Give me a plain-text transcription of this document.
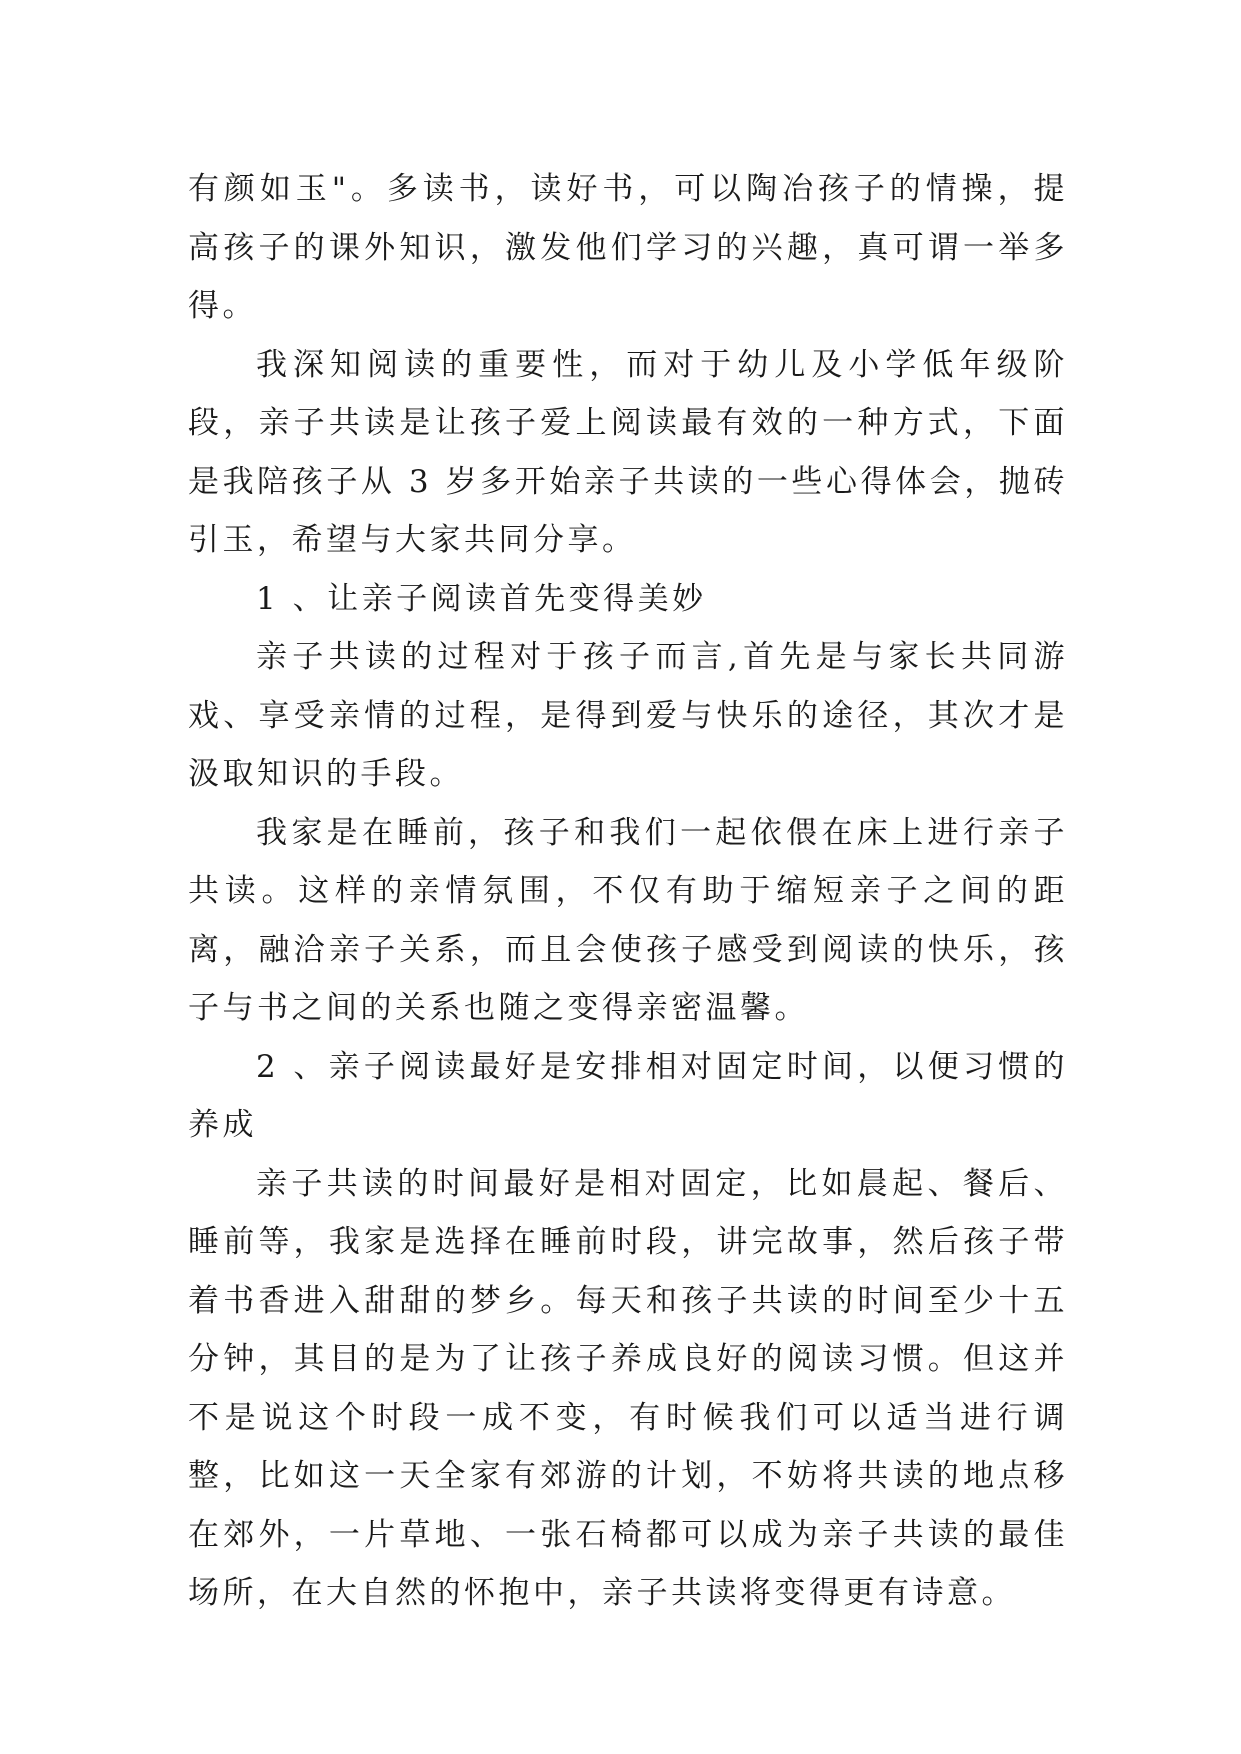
有颜如玉"。多读书，读好书，可以陶冶孩子的情操，提高孩子的课外知识，激发他们学习的兴趣，真可谓一举多得。

我深知阅读的重要性，而对于幼儿及小学低年级阶段，亲子共读是让孩子爱上阅读最有效的一种方式，下面是我陪孩子从 3 岁多开始亲子共读的一些心得体会，抛砖引玉，希望与大家共同分享。

1 、让亲子阅读首先变得美妙

亲子共读的过程对于孩子而言,首先是与家长共同游戏、享受亲情的过程，是得到爱与快乐的途径，其次才是汲取知识的手段。

我家是在睡前，孩子和我们一起依偎在床上进行亲子共读。这样的亲情氛围，不仅有助于缩短亲子之间的距离，融洽亲子关系，而且会使孩子感受到阅读的快乐，孩子与书之间的关系也随之变得亲密温馨。

2 、亲子阅读最好是安排相对固定时间，以便习惯的养成

亲子共读的时间最好是相对固定，比如晨起、餐后、睡前等，我家是选择在睡前时段，讲完故事，然后孩子带着书香进入甜甜的梦乡。每天和孩子共读的时间至少十五分钟，其目的是为了让孩子养成良好的阅读习惯。但这并不是说这个时段一成不变，有时候我们可以适当进行调整，比如这一天全家有郊游的计划，不妨将共读的地点移在郊外，一片草地、一张石椅都可以成为亲子共读的最佳场所，在大自然的怀抱中，亲子共读将变得更有诗意。
